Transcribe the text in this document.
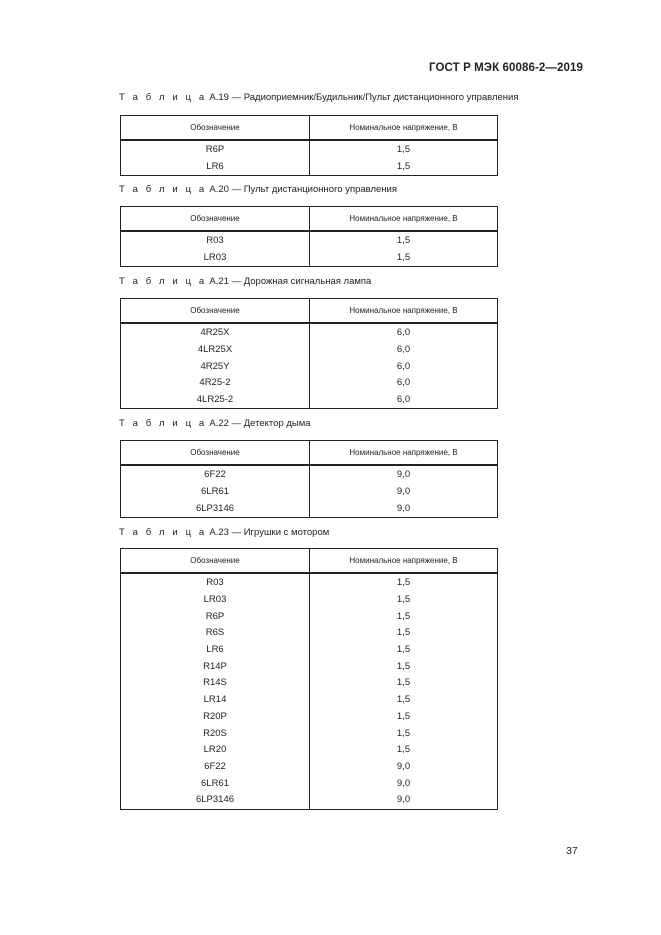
ГОСТ Р МЭК 60086-2—2019
Т а б л и ц а А.19 — Радиоприемник/Будильник/Пульт дистанционного управления
Обозначение	Номинальное напряжение, В
R6P	1,5
LR6	1,5
Т а б л и ц а А.20 — Пульт дистанционного управления
Обозначение	Номинальное напряжение, В
R03	1,5
LR03	1,5
Т а б л и ц а А.21 — Дорожная сигнальная лампа
Обозначение	Номинальное напряжение, В
4R25X	6,0
4LR25X	6,0
4R25Y	6,0
4R25-2	6,0
4LR25-2	6,0
Т а б л и ц а А.22 — Детектор дыма
Обозначение	Номинальное напряжение, В
6F22	9,0
6LR61	9,0
6LP3146	9,0
Т а б л и ц а А.23 — Игрушки с мотором
Обозначение	Номинальное напряжение, В
R03	1,5
LR03	1,5
R6P	1,5
R6S	1,5
LR6	1,5
R14P	1,5
R14S	1,5
LR14	1,5
R20P	1,5
R20S	1,5
LR20	1,5
6F22	9,0
6LR61	9,0
6LP3146	9,0
37
